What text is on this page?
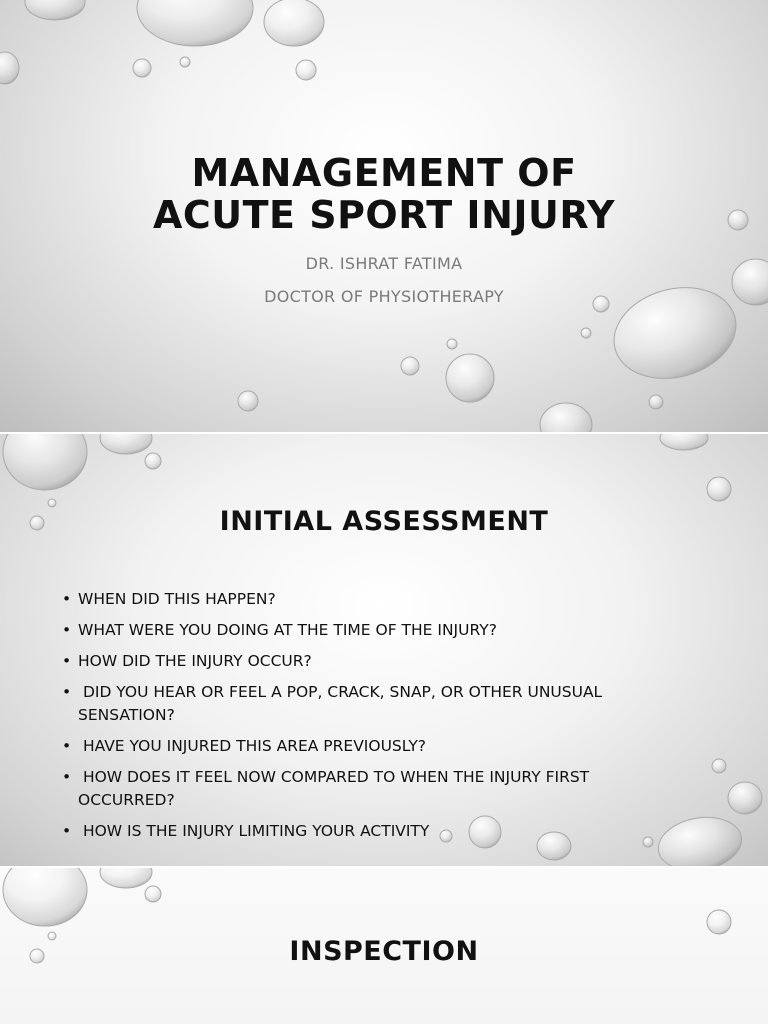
MANAGEMENT OF
ACUTE SPORT INJURY
DR. ISHRAT FATIMA
DOCTOR OF PHYSIOTHERAPY
INITIAL ASSESSMENT
• WHEN DID THIS HAPPEN?
• WHAT WERE YOU DOING AT THE TIME OF THE INJURY?
• HOW DID THE INJURY OCCUR?
•  DID YOU HEAR OR FEEL A POP, CRACK, SNAP, OR OTHER UNUSUAL SENSATION?
•  HAVE YOU INJURED THIS AREA PREVIOUSLY?
•  HOW DOES IT FEEL NOW COMPARED TO WHEN THE INJURY FIRST OCCURRED?
•  HOW IS THE INJURY LIMITING YOUR ACTIVITY
INSPECTION
